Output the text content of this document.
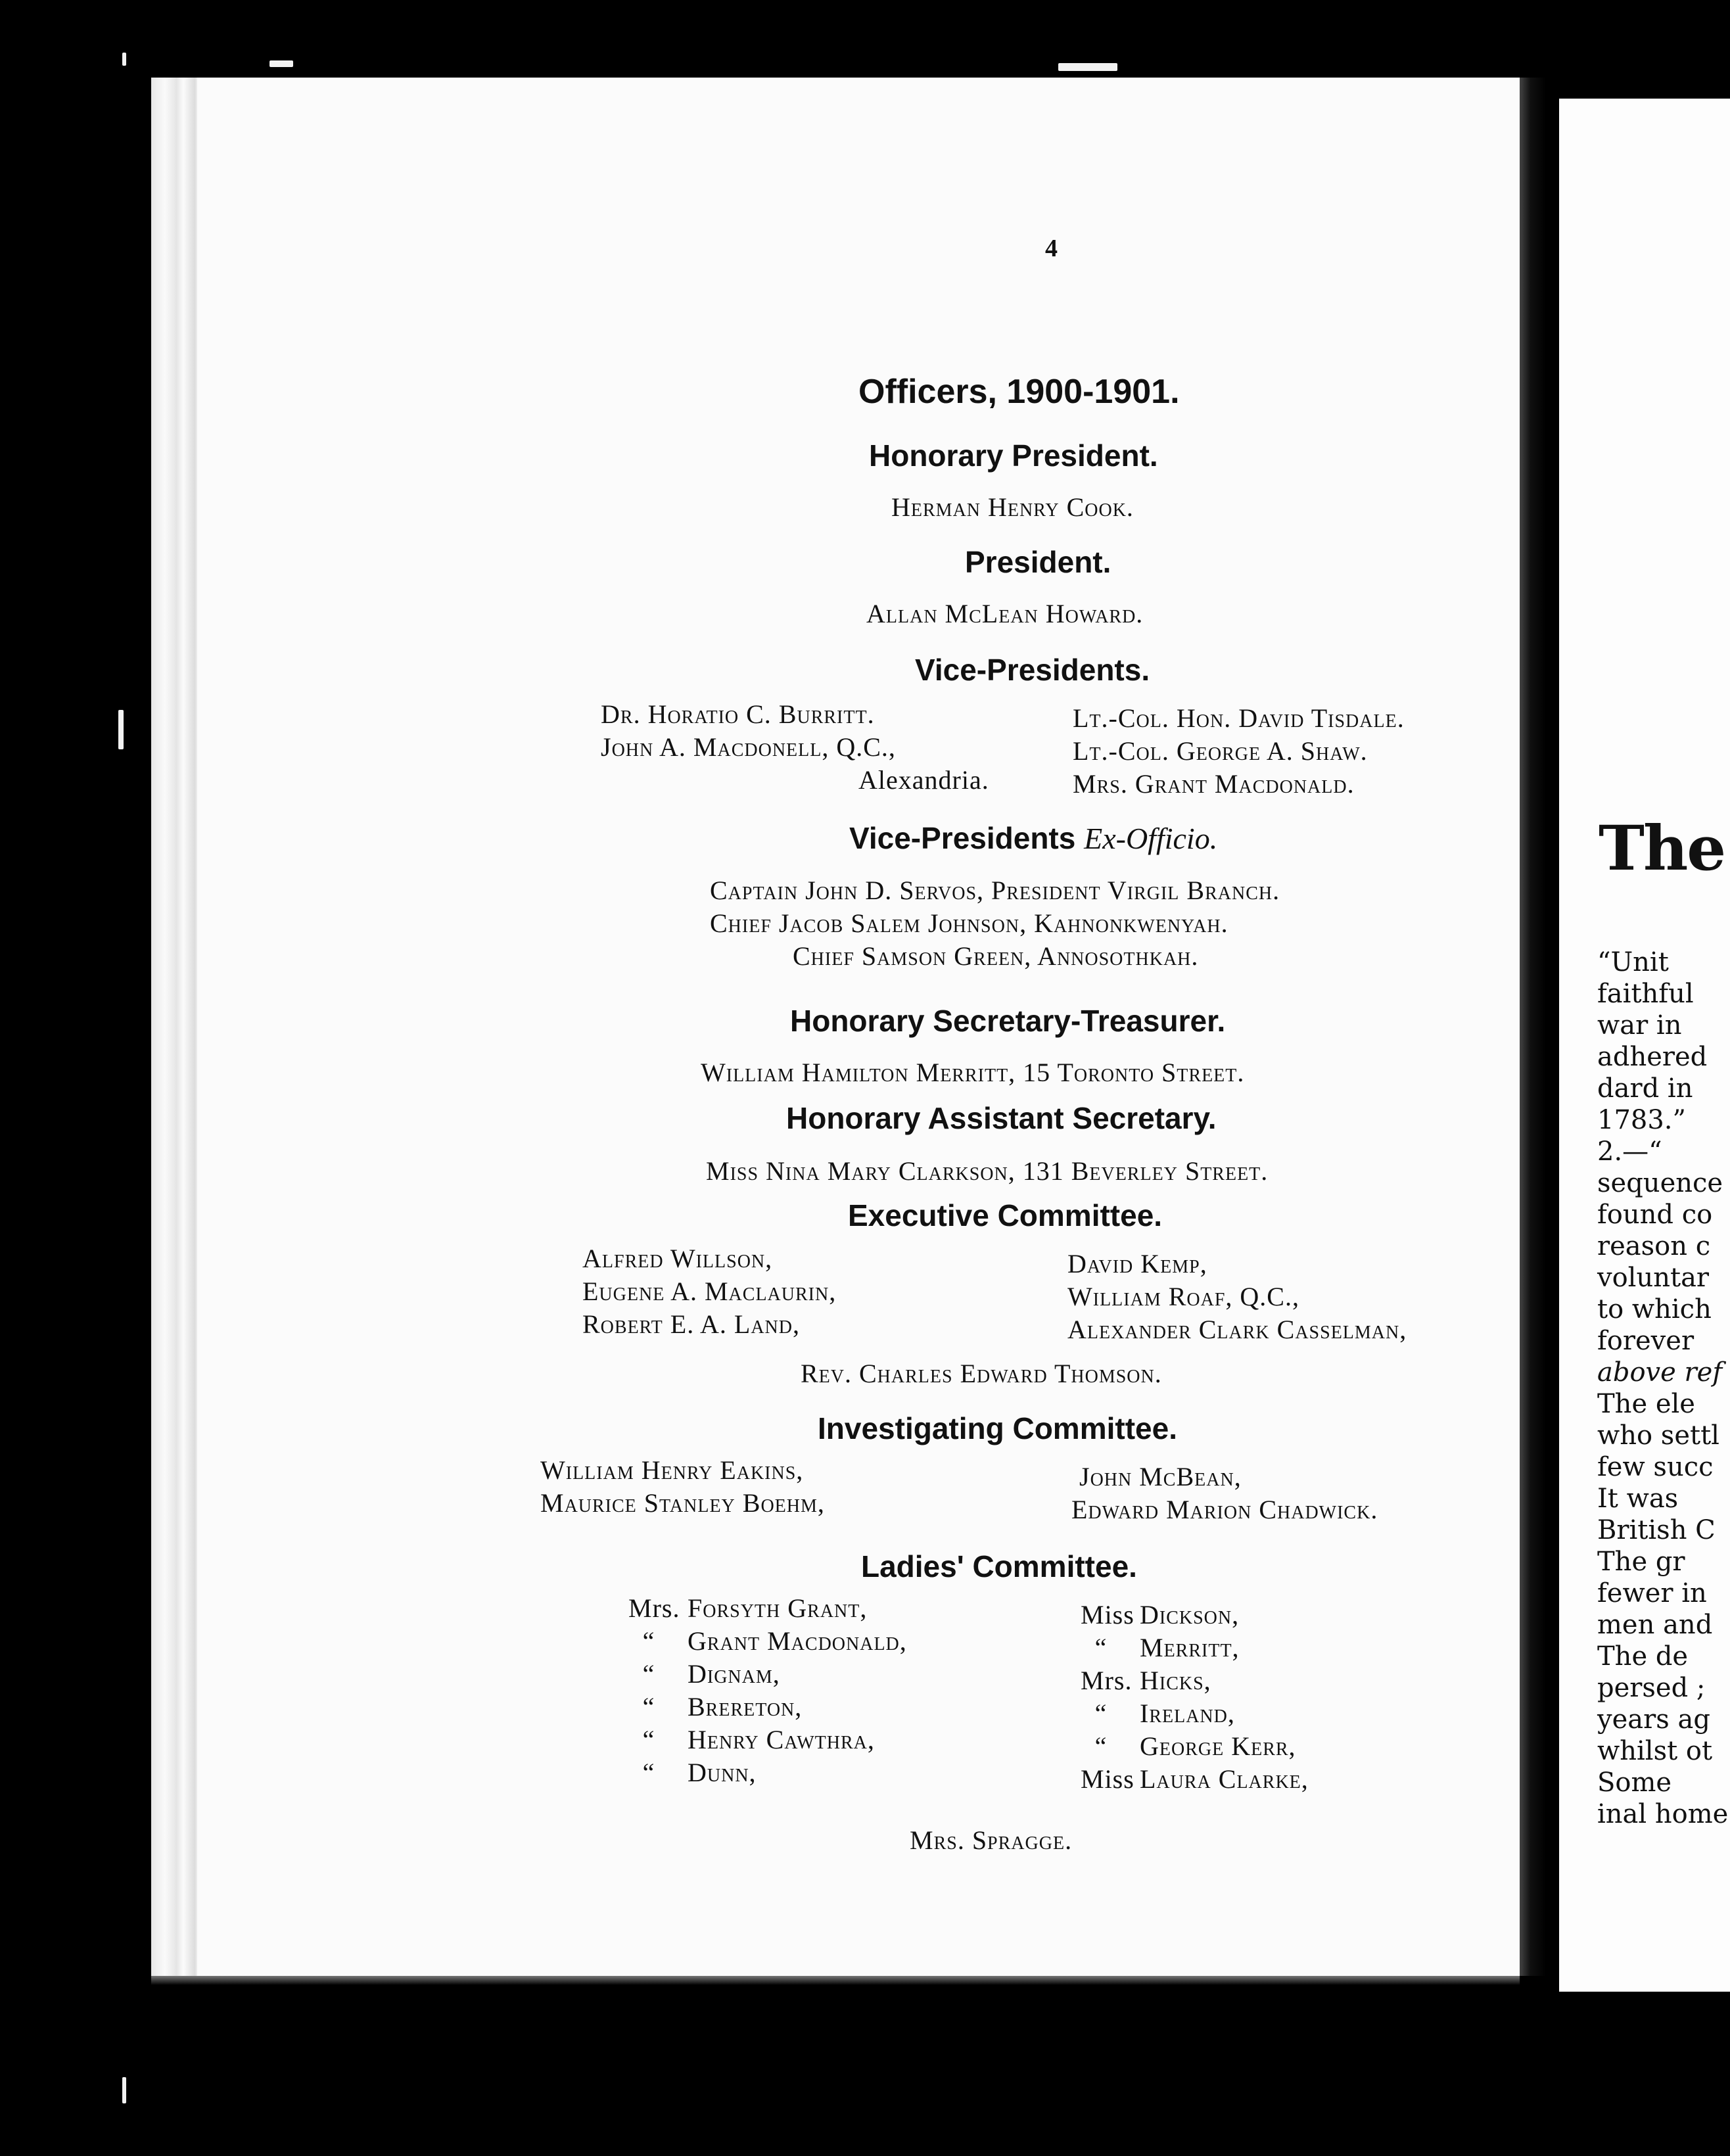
The
“Unit
faithful
war in
adhered
dard in
1783.”
2.—“
sequence
found co
reason c
voluntar
to which
forever
above ref
The ele
who settl
few succ
It was
British C
The gr
fewer in
men and
The de
persed ;
years ag
whilst ot
Some
inal home
4
Officers, 1900-1901.
Honorary President.
Herman Henry Cook.
President.
Allan McLean Howard.
Vice-Presidents.
Dr. Horatio C. Burritt.
John A. Macdonell, Q.C.,
Alexandria.
Lt.-Col. Hon. David Tisdale.
Lt.-Col. George A. Shaw.
Mrs. Grant Macdonald.
Vice-Presidents Ex-Officio.
Captain John D. Servos, President Virgil Branch.
Chief Jacob Salem Johnson, Kahnonkwenyah.
Chief Samson Green, Annosothkah.
Honorary Secretary-Treasurer.
William Hamilton Merritt, 15 Toronto Street.
Honorary Assistant Secretary.
Miss Nina Mary Clarkson, 131 Beverley Street.
Executive Committee.
Alfred Willson,
Eugene A. Maclaurin,
Robert E. A. Land,
David Kemp,
William Roaf, Q.C.,
Alexander Clark Casselman,
Rev. Charles Edward Thomson.
Investigating Committee.
William Henry Eakins,
Maurice Stanley Boehm,
John McBean,
Edward Marion Chadwick.
Ladies' Committee.
Mrs. Forsyth Grant,
“ Grant Macdonald,
“ Dignam,
“ Brereton,
“ Henry Cawthra,
“ Dunn,
Miss Dickson,
“ Merritt,
Mrs. Hicks,
“ Ireland,
“ George Kerr,
Miss Laura Clarke,
Mrs. Spragge.
